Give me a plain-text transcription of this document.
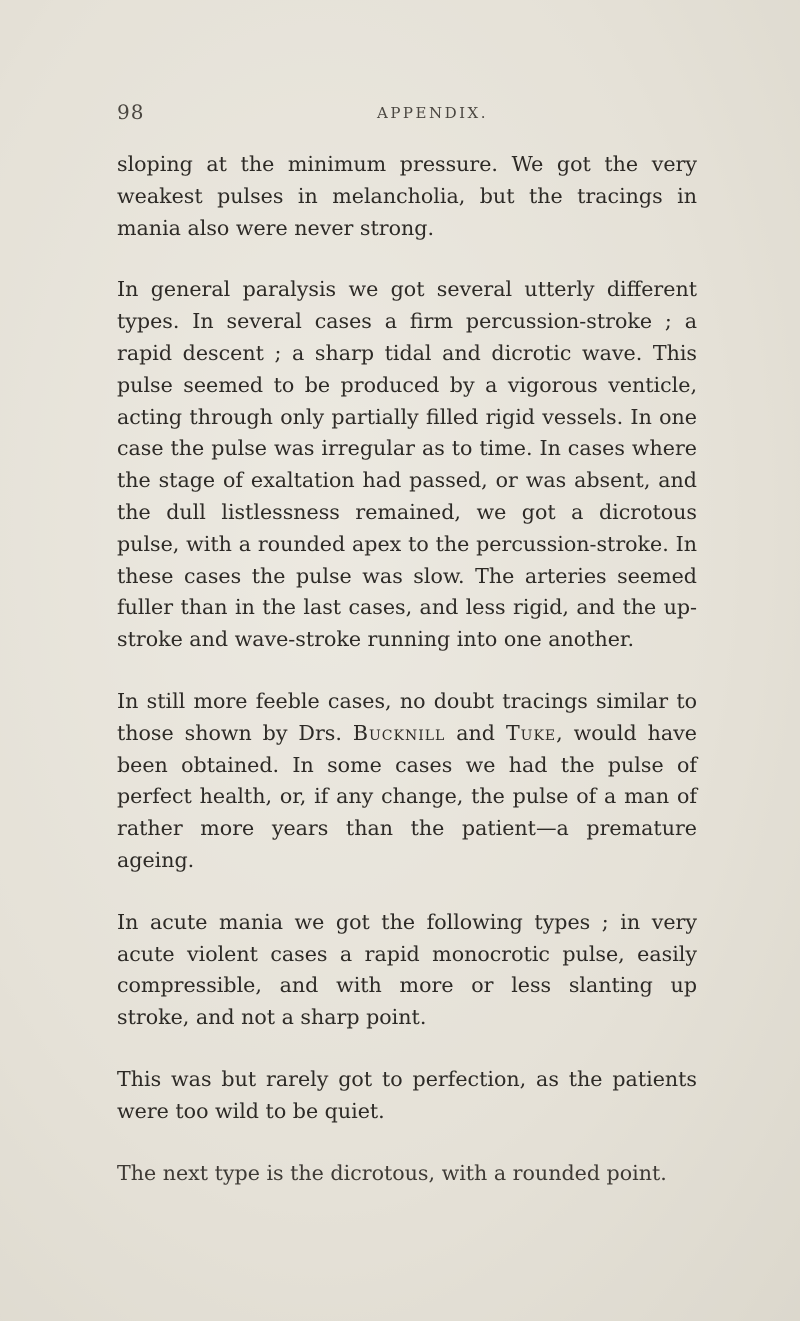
98	APPENDIX.

sloping at the minimum pressure. We got the very weakest pulses in melancholia, but the tracings in mania also were never strong.

In general paralysis we got several utterly different types. In several cases a firm percussion-stroke ; a rapid descent ; a sharp tidal and dicrotic wave. This pulse seemed to be produced by a vigorous venticle, acting through only partially filled rigid vessels. In one case the pulse was irregular as to time. In cases where the stage of exaltation had passed, or was absent, and the dull listlessness remained, we got a dicrotous pulse, with a rounded apex to the percussion-stroke. In these cases the pulse was slow. The arteries seemed fuller than in the last cases, and less rigid, and the up-stroke and wave-stroke running into one another.

In still more feeble cases, no doubt tracings similar to those shown by Drs. Bucknill and Tuke, would have been obtained. In some cases we had the pulse of perfect health, or, if any change, the pulse of a man of rather more years than the patient—a premature ageing.

In acute mania we got the following types ; in very acute violent cases a rapid monocrotic pulse, easily compressible, and with more or less slanting up stroke, and not a sharp point.

This was but rarely got to perfection, as the patients were too wild to be quiet.

The next type is the dicrotous, with a rounded point.
